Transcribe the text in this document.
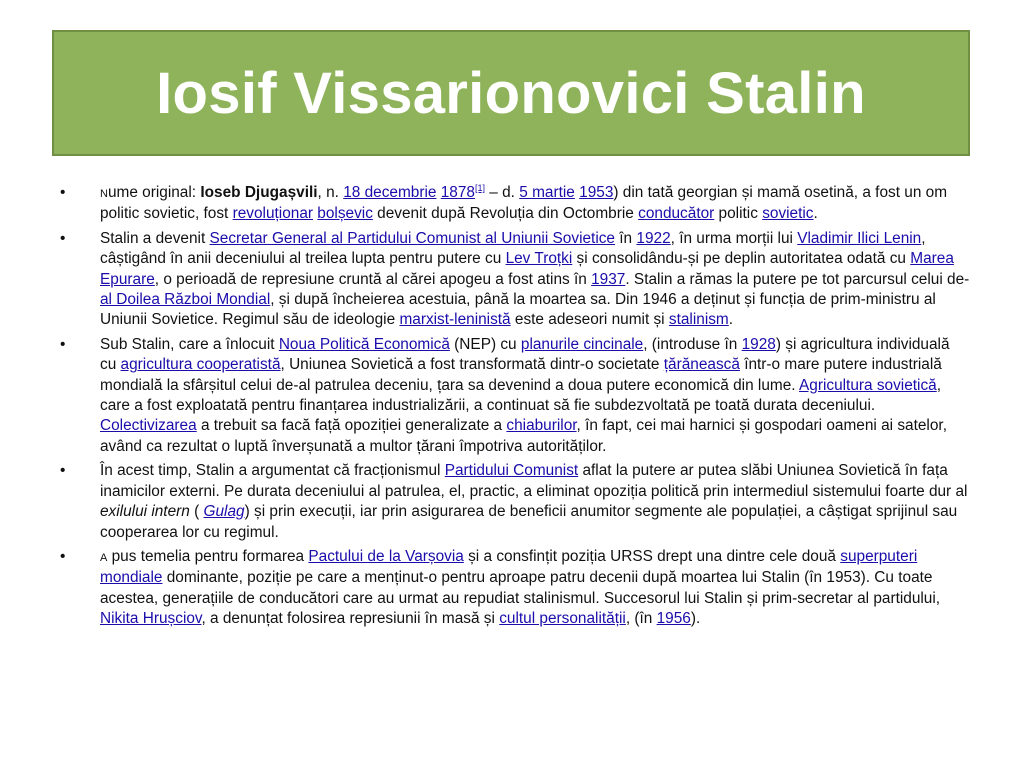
Iosif Vissarionovici Stalin
•	Nume original: Ioseb Djugașvili, n. 18 decembrie 1878[1] – d. 5 martie 1953) din tată georgian și mamă osetină, a fost un om politic sovietic, fost revoluționar bolșevic devenit după Revoluția din Octombrie conducător politic sovietic.
• Stalin a devenit Secretar General al Partidului Comunist al Uniunii Sovietice în 1922, în urma morții lui Vladimir Ilici Lenin, câștigând în anii deceniului al treilea lupta pentru putere cu Lev Troțki și consolidându-și pe deplin autoritatea odată cu Marea Epurare, o perioadă de represiune cruntă al cărei apogeu a fost atins în 1937. Stalin a rămas la putere pe tot parcursul celui de-al Doilea Război Mondial, și după încheierea acestuia, până la moartea sa. Din 1946 a deținut și funcția de prim-ministru al Uniunii Sovietice. Regimul său de ideologie marxist-leninistă este adeseori numit și stalinism.
• Sub Stalin, care a înlocuit Noua Politică Economică (NEP) cu planurile cincinale, (introduse în 1928) și agricultura individuală cu agricultura cooperatistă, Uniunea Sovietică a fost transformată dintr-o societate țărănească într-o mare putere industrială mondială la sfârșitul celui de-al patrulea deceniu, țara sa devenind a doua putere economică din lume. Agricultura sovietică, care a fost exploatată pentru finanțarea industrializării, a continuat să fie subdezvoltată pe toată durata deceniului. Colectivizarea a trebuit sa facă față opoziției generalizate a chiaburilor, în fapt, cei mai harnici și gospodari oameni ai satelor, având ca rezultat o luptă înverșunată a multor țărani împotriva autorităților.
• În acest timp, Stalin a argumentat că fracționismul Partidului Comunist aflat la putere ar putea slăbi Uniunea Sovietică în fața inamicilor externi. Pe durata deceniului al patrulea, el, practic, a eliminat opoziția politică prin intermediul sistemului foarte dur al exilului intern ( Gulag) și prin execuții, iar prin asigurarea de beneficii anumitor segmente ale populației, a câștigat sprijinul sau cooperarea lor cu regimul.
•	A pus temelia pentru formarea Pactului de la Varșovia și a consfințit poziția URSS drept una dintre cele două superputeri mondiale dominante, poziție pe care a menținut-o pentru aproape patru decenii după moartea lui Stalin (în 1953). Cu toate acestea, generațiile de conducători care au urmat au repudiat stalinismul. Succesorul lui Stalin și prim-secretar al partidului, Nikita Hrușciov, a denunțat folosirea represiunii în masă și cultul personalității, (în 1956).
